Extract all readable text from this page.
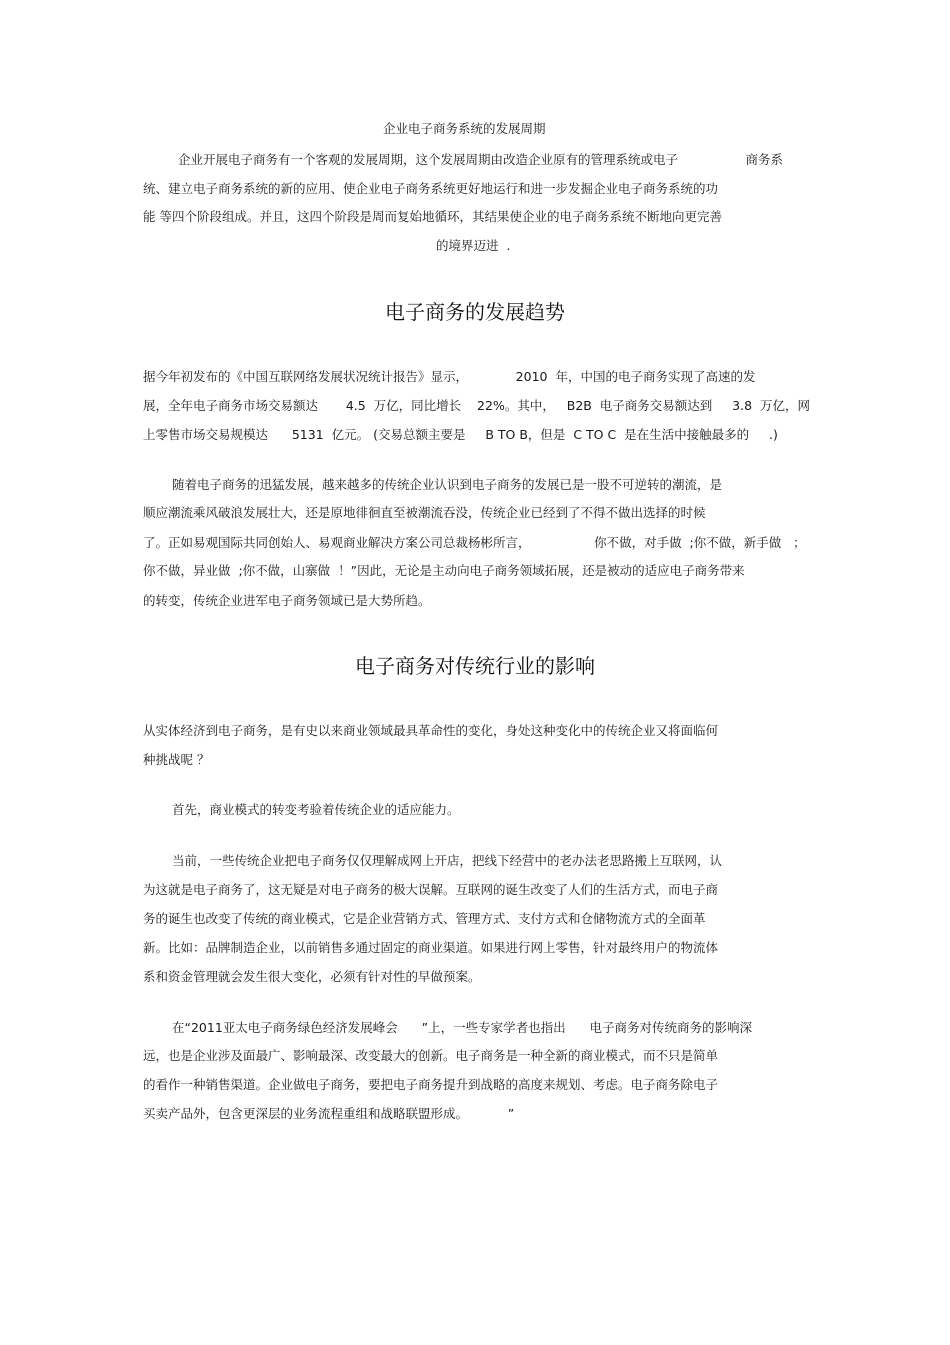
企业电子商务系统的发展周期
企业开展电子商务有一个客观的发展周期，这个发展周期由改造企业原有的管理系统或电子                 商务系
统、建立电子商务系统的新的应用、使企业电子商务系统更好地运行和进一步发掘企业电子商务系统的功
能 等四个阶段组成。并且，这四个阶段是周而复始地循环，其结果使企业的电子商务系统不断地向更完善
的境界迈进  .
电子商务的发展趋势
据今年初发布的《中国互联网络发展状况统计报告》显示，            2010  年，中国的电子商务实现了高速的发
展，全年电子商务市场交易额达       4.5  万亿，同比增长    22%。其中，   B2B  电子商务交易额达到     3.8  万亿，网
上零售市场交易规模达      5131  亿元。 (交易总额主要是     B TO B，但是  C TO C  是在生活中接触最多的     .)
随着电子商务的迅猛发展，越来越多的传统企业认识到电子商务的发展已是一股不可逆转的潮流，是
顺应潮流乘风破浪发展壮大，还是原地徘徊直至被潮流吞没，传统企业已经到了不得不做出选择的时候
了。正如易观国际共同创始人、易观商业解决方案公司总裁杨彬所言，                你不做，对手做  ;你不做，新手做   ；
你不做，异业做  ;你不做，山寨做  ！”因此，无论是主动向电子商务领域拓展，还是被动的适应电子商务带来
的转变，传统企业进军电子商务领域已是大势所趋。
电子商务对传统行业的影响
从实体经济到电子商务，是有史以来商业领域最具革命性的变化，身处这种变化中的传统企业又将面临何
种挑战呢 ？
首先，商业模式的转变考验着传统企业的适应能力。
当前，一些传统企业把电子商务仅仅理解成网上开店，把线下经营中的老办法老思路搬上互联网，认
为这就是电子商务了，这无疑是对电子商务的极大误解。互联网的诞生改变了人们的生活方式，而电子商
务的诞生也改变了传统的商业模式，它是企业营销方式、管理方式、支付方式和仓储物流方式的全面革
新。比如：品牌制造企业，以前销售多通过固定的商业渠道。如果进行网上零售，针对最终用户的物流体
系和资金管理就会发生很大变化，必须有针对性的早做预案。
在“2011亚太电子商务绿色经济发展峰会      ”上，一些专家学者也指出      电子商务对传统商务的影响深
远，也是企业涉及面最广、影响最深、改变最大的创新。电子商务是一种全新的商业模式，而不只是简单
的看作一种销售渠道。企业做电子商务，要把电子商务提升到战略的高度来规划、考虑。电子商务除电子
买卖产品外，包含更深层的业务流程重组和战略联盟形成。          ”
